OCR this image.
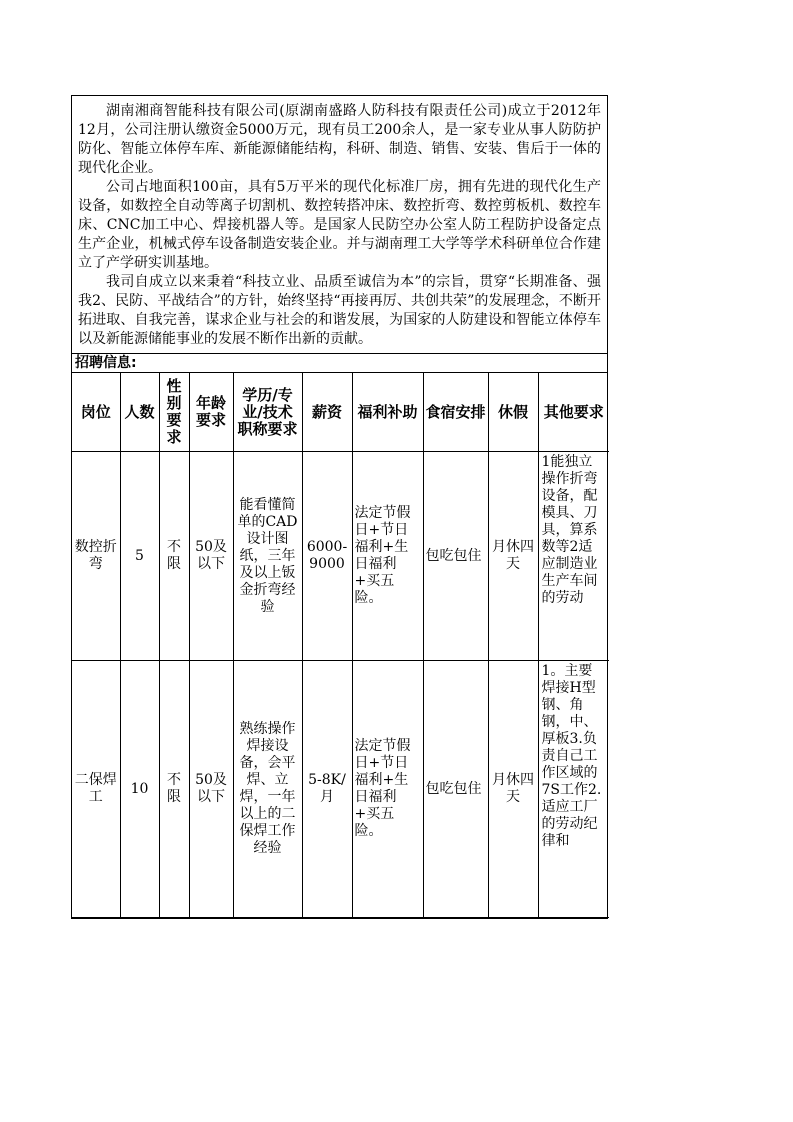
湖南湘商智能科技有限公司(原湖南盛路人防科技有限责任公司)成立于2012年12月，公司注册认缴资金5000万元，现有员工200余人，是一家专业从事人防防护防化、智能立体停车库、新能源储能结构，科研、制造、销售、安装、售后于一体的现代化企业。

公司占地面积100亩，具有5万平米的现代化标准厂房，拥有先进的现代化生产设备，如数控全自动等离子切割机、数控转搭冲床、数控折弯、数控剪板机、数控车床、CNC加工中心、焊接机器人等。是国家人民防空办公室人防工程防护设备定点生产企业，机械式停车设备制造安装企业。并与湖南理工大学等学术科研单位合作建立了产学研实训基地。

我司自成立以来秉着“科技立业、品质至诚信为本”的宗旨，贯穿“长期准备、强我2、民防、平战结合”的方针，始终坚持“再接再厉、共创共荣”的发展理念，不断开拓进取、自我完善，谋求企业与社会的和谐发展，为国家的人防建设和智能立体停车以及新能源储能事业的发展不断作出新的贡献。

招聘信息:
岗位	人数	性别要求	年龄要求	学历/专业/技术职称要求	薪资	福利补助	食宿安排	休假	其他要求
数控折弯	5	不限	50及以下	能看懂简单的CAD设计图纸，三年及以上钣金折弯经验	6000-9000	法定节假日+节日福利+生日福利+买五险。	包吃包住	月休四天	1能独立操作折弯设备，配模具、刀具，算系数等2适应制造业生产车间的劳动

二保焊工	10	不限	50及以下	熟练操作焊接设备，会平焊、立焊，一年以上的二保焊工作经验	5-8K/月	法定节假日+节日福利+生日福利+买五险。	包吃包住	月休四天	1。主要焊接H型钢、角钢，中、厚板3.负责自己工作区域的7S工作2.适应工厂的劳动纪律和
